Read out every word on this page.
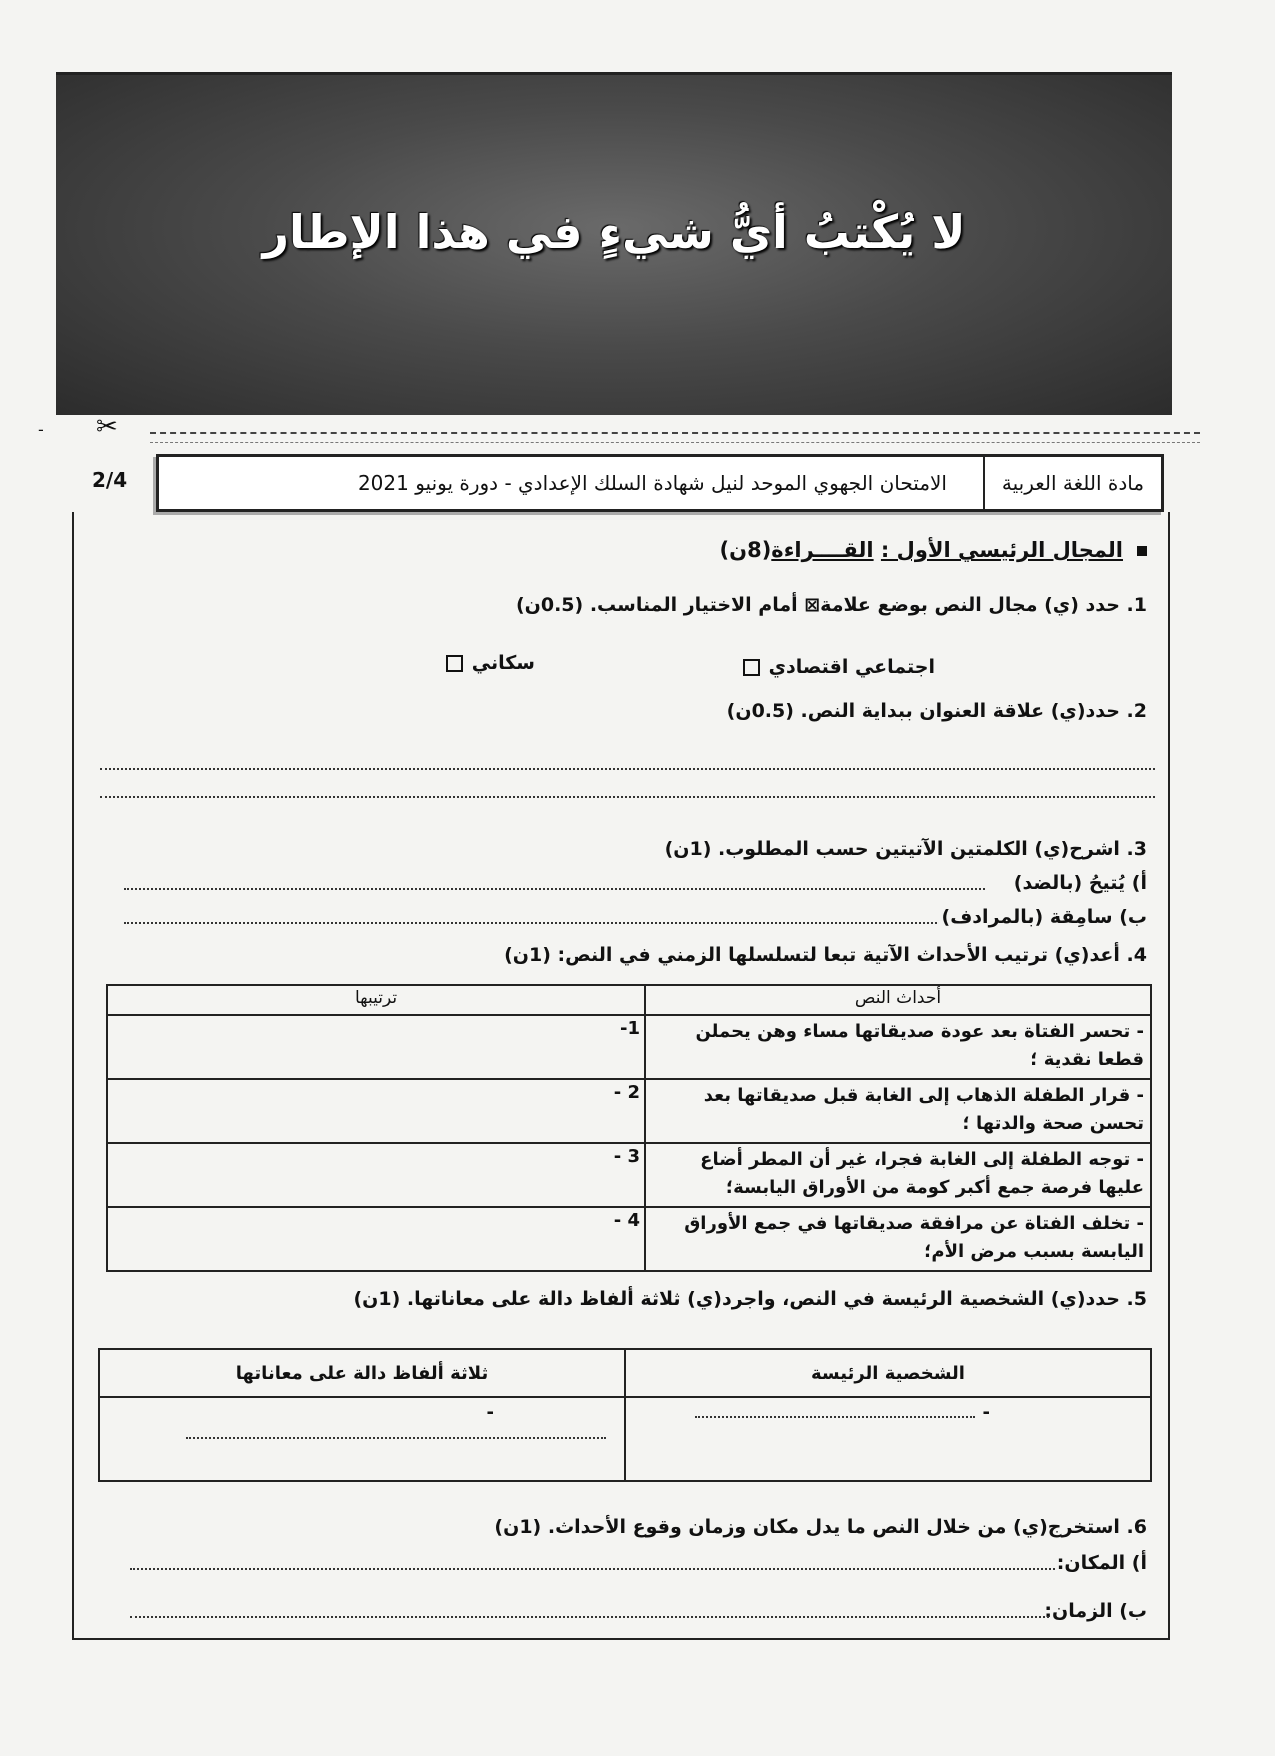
لا يُكْتبُ أيُّ شيءٍ في هذا الإطار
- ✂
2/4	مادة اللغة العربية
الامتحان الجهوي الموحد لنيل شهادة السلك الإعدادي - دورة يونيو 2021
المجال الرئيسي الأول : القــــراءة(8ن)
1. حدد (ي) مجال النص بوضع علامة⊠ أمام الاختيار المناسب. (0.5ن)
اجتماعي اقتصادي
سكاني
2. حدد(ي) علاقة العنوان ببداية النص. (0.5ن)
3. اشرح(ي) الكلمتين الآتيتين حسب المطلوب. (1ن)
أ) يُتيحُ (بالضد)
ب) سامِقة (بالمرادف)
4. أعد(ي) ترتيب الأحداث الآتية تبعا لتسلسلها الزمني في النص: (1ن)
أحداث النص	ترتيبها
- تحسر الفتاة بعد عودة صديقاتها مساء وهن يحملن قطعا نقدية ؛	1-
- قرار الطفلة الذهاب إلى الغابة قبل صديقاتها بعد تحسن صحة والدتها ؛	2 -
- توجه الطفلة إلى الغابة فجرا، غير أن المطر أضاع عليها فرصة جمع أكبر كومة من الأوراق اليابسة؛	3 -
- تخلف الفتاة عن مرافقة صديقاتها في جمع الأوراق اليابسة بسبب مرض الأم؛	4 -
5. حدد(ي) الشخصية الرئيسة في النص، واجرد(ي) ثلاثة ألفاظ دالة على معاناتها. (1ن)
الشخصية الرئيسة	ثلاثة ألفاظ دالة على معاناتها
-	-
6. استخرج(ي) من خلال النص ما يدل مكان وزمان وقوع الأحداث. (1ن)
أ) المكان:
ب) الزمان:
